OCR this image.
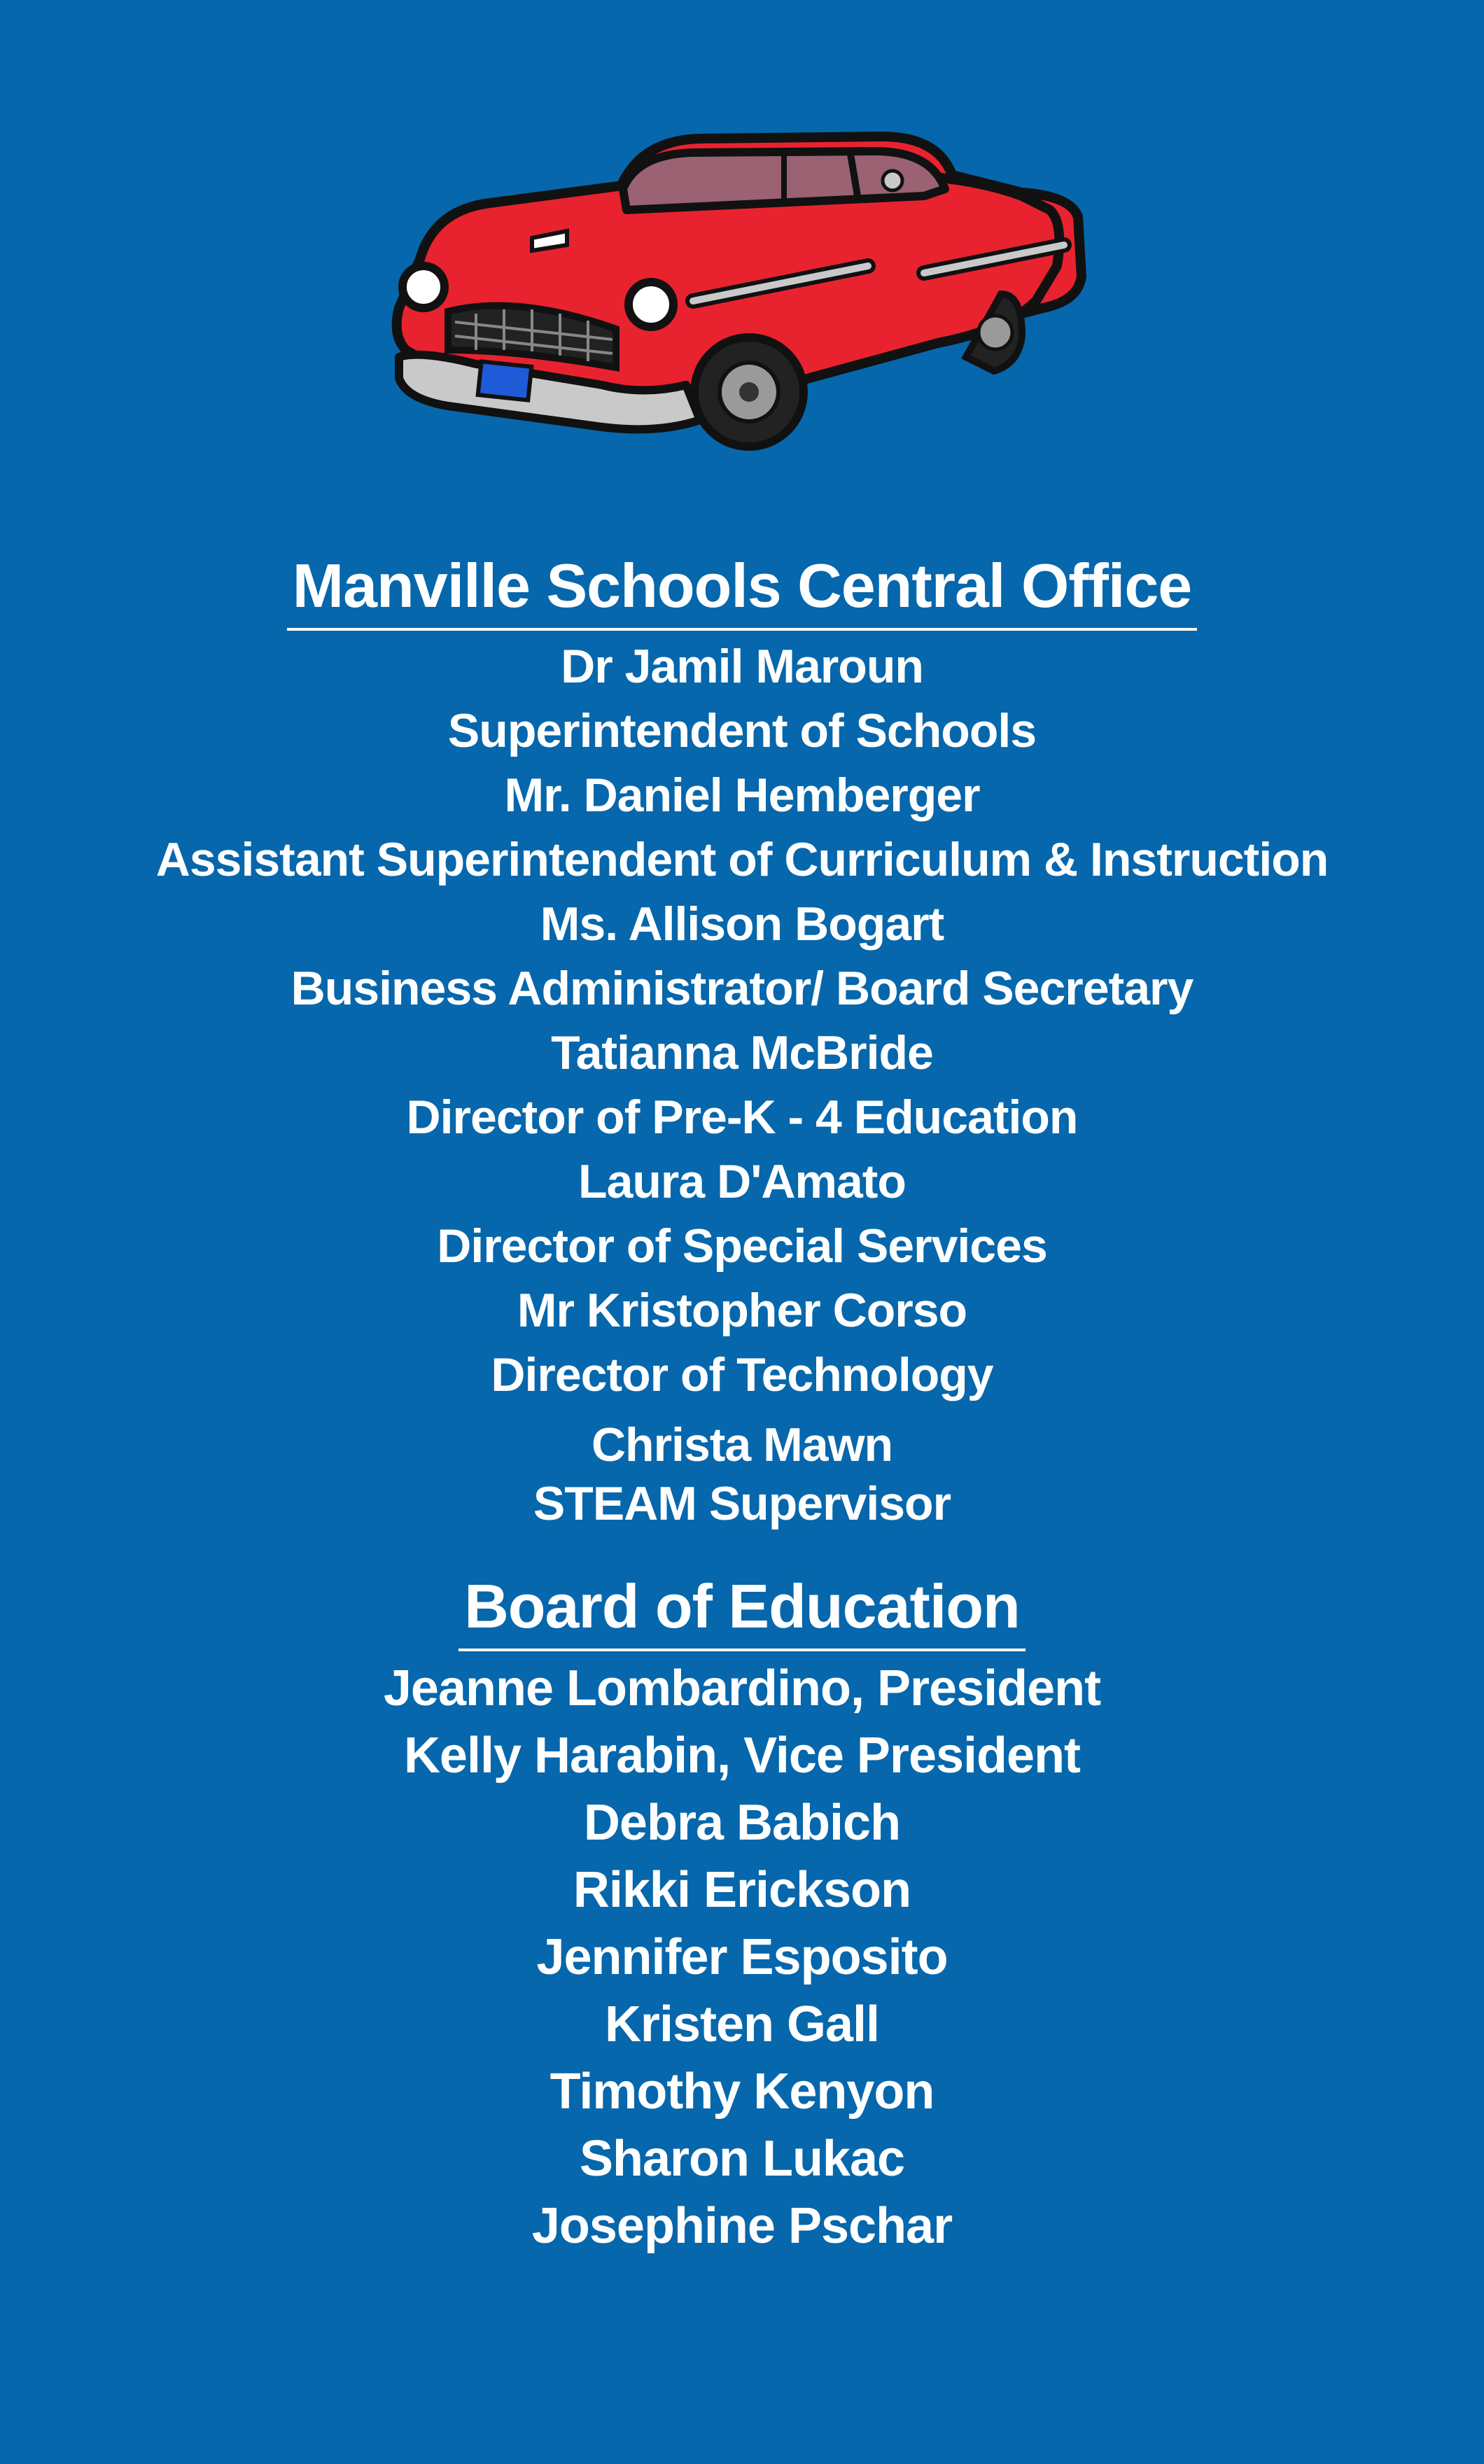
Manville Schools Central Office
Dr Jamil Maroun
Superintendent of Schools
Mr. Daniel Hemberger
Assistant Superintendent of Curriculum & Instruction
Ms. Allison Bogart
Business Administrator/ Board Secretary
Tatianna McBride
Director of Pre-K - 4 Education
Laura D'Amato
Director of Special Services
Mr Kristopher Corso
Director of Technology
Christa Mawn
STEAM Supervisor
Board of Education
Jeanne Lombardino, President
Kelly Harabin, Vice President
Debra Babich
Rikki Erickson
Jennifer Esposito
Kristen Gall
Timothy Kenyon
Sharon Lukac
Josephine Pschar
